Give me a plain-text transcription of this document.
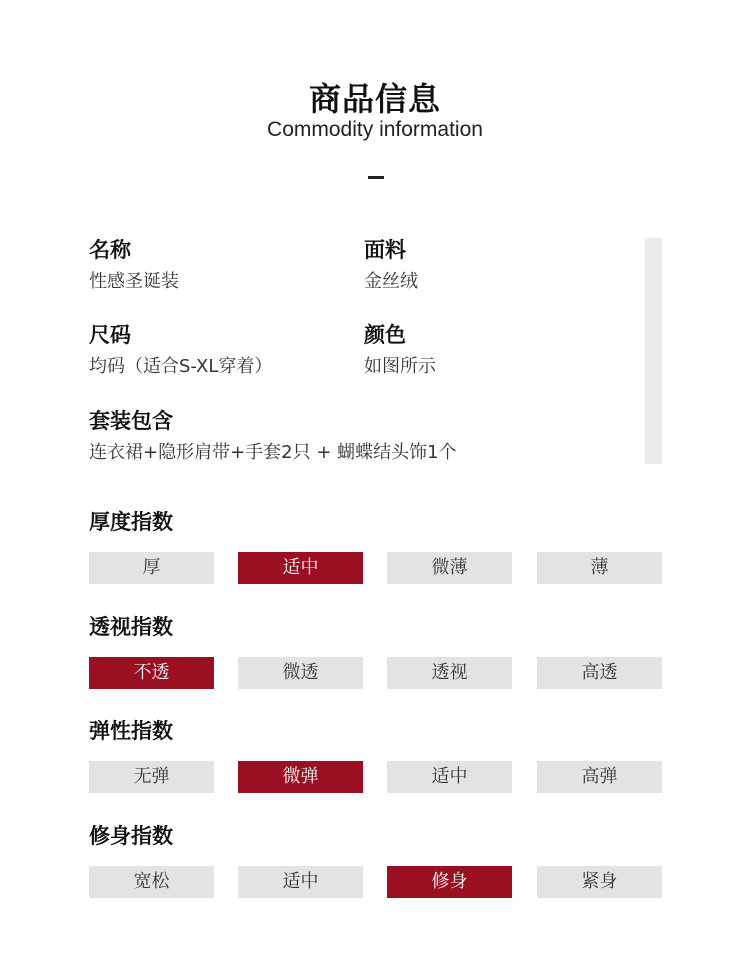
商品信息
Commodity information
名称
性感圣诞装
面料
金丝绒
尺码
均码（适合S-XL穿着）
颜色
如图所示
套装包含
连衣裙+隐形肩带+手套2只 + 蝴蝶结头饰1个
厚度指数
厚	适中	微薄	薄
透视指数
不透	微透	透视	高透
弹性指数
无弹	微弹	适中	高弹
修身指数
宽松	适中	修身	紧身
